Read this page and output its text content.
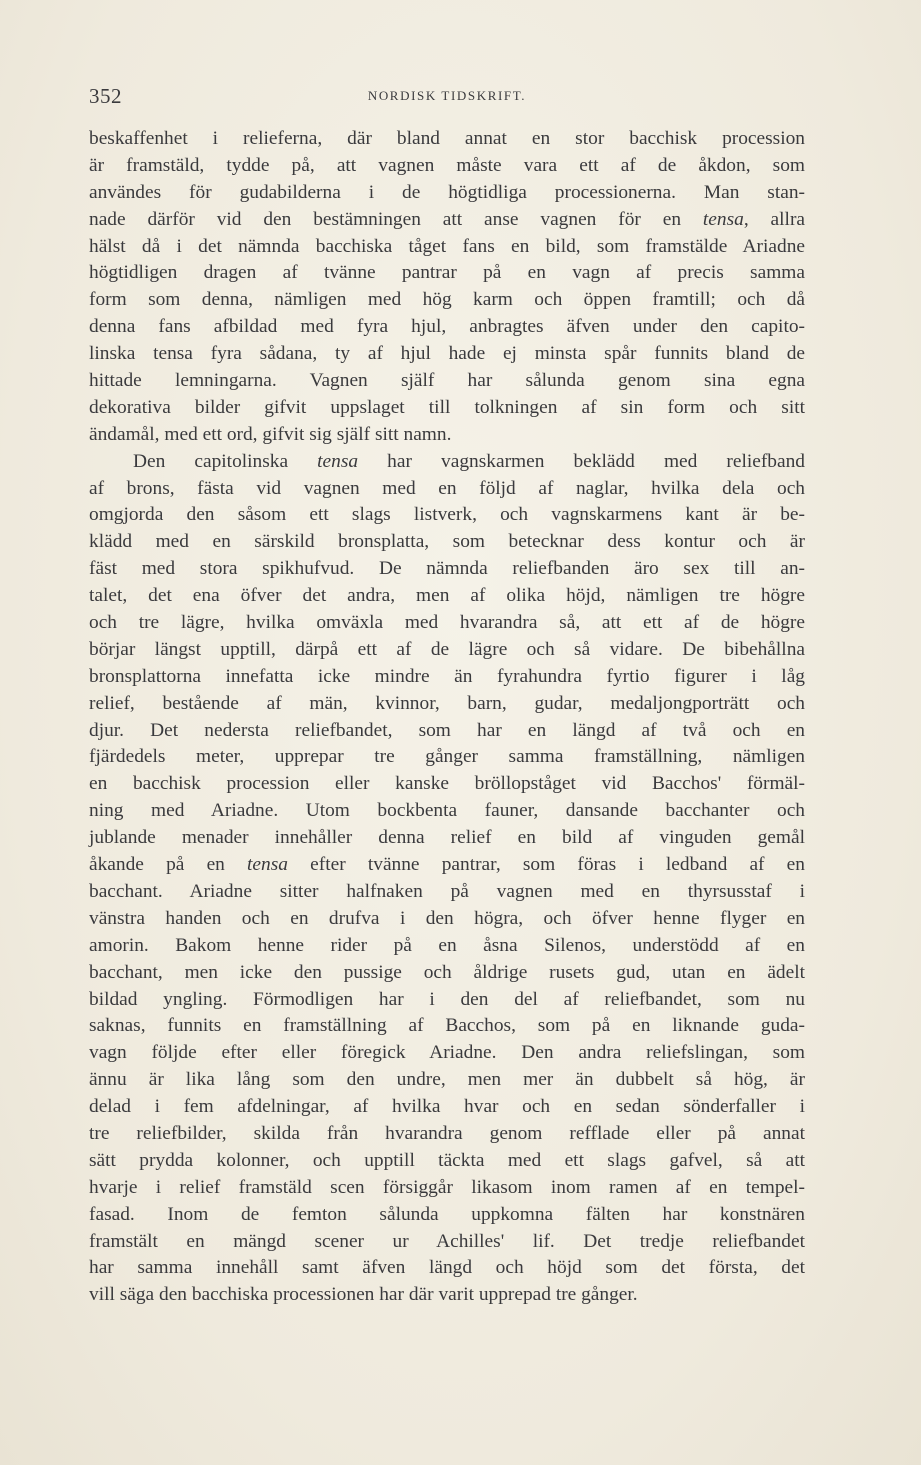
352	NORDISK TIDSKRIFT.
beskaffenhet i relieferna, där bland annat en stor bacchisk procession
är framstäld, tydde på, att vagnen måste vara ett af de åkdon, som
användes för gudabilderna i de högtidliga processionerna. Man stan-
nade därför vid den bestämningen att anse vagnen för en tensa, allra
hälst då i det nämnda bacchiska tåget fans en bild, som framstälde Ariadne
högtidligen dragen af tvänne pantrar på en vagn af precis samma
form som denna, nämligen med hög karm och öppen framtill; och då
denna fans afbildad med fyra hjul, anbragtes äfven under den capito-
linska tensa fyra sådana, ty af hjul hade ej minsta spår funnits bland de
hittade lemningarna. Vagnen själf har sålunda genom sina egna
dekorativa bilder gifvit uppslaget till tolkningen af sin form och sitt
ändamål, med ett ord, gifvit sig själf sitt namn.
Den capitolinska tensa har vagnskarmen beklädd med reliefband
af brons, fästa vid vagnen med en följd af naglar, hvilka dela och
omgjorda den såsom ett slags listverk, och vagnskarmens kant är be-
klädd med en särskild bronsplatta, som betecknar dess kontur och är
fäst med stora spikhufvud. De nämnda reliefbanden äro sex till an-
talet, det ena öfver det andra, men af olika höjd, nämligen tre högre
och tre lägre, hvilka omväxla med hvarandra så, att ett af de högre
börjar längst upptill, därpå ett af de lägre och så vidare. De bibehållna
bronsplattorna innefatta icke mindre än fyrahundra fyrtio figurer i låg
relief, bestående af män, kvinnor, barn, gudar, medaljongporträtt och
djur. Det nedersta reliefbandet, som har en längd af två och en
fjärdedels meter, upprepar tre gånger samma framställning, nämligen
en bacchisk procession eller kanske bröllopståget vid Bacchos' förmäl-
ning med Ariadne. Utom bockbenta fauner, dansande bacchanter och
jublande menader innehåller denna relief en bild af vinguden gemål
åkande på en tensa efter tvänne pantrar, som föras i ledband af en
bacchant. Ariadne sitter halfnaken på vagnen med en thyrsusstaf i
vänstra handen och en drufva i den högra, och öfver henne flyger en
amorin. Bakom henne rider på en åsna Silenos, understödd af en
bacchant, men icke den pussige och åldrige rusets gud, utan en ädelt
bildad yngling. Förmodligen har i den del af reliefbandet, som nu
saknas, funnits en framställning af Bacchos, som på en liknande guda-
vagn följde efter eller föregick Ariadne. Den andra reliefslingan, som
ännu är lika lång som den undre, men mer än dubbelt så hög, är
delad i fem afdelningar, af hvilka hvar och en sedan sönderfaller i
tre reliefbilder, skilda från hvarandra genom refflade eller på annat
sätt prydda kolonner, och upptill täckta med ett slags gafvel, så att
hvarje i relief framstäld scen försiggår likasom inom ramen af en tempel-
fasad. Inom de femton sålunda uppkomna fälten har konstnären
framstält en mängd scener ur Achilles' lif. Det tredje reliefbandet
har samma innehåll samt äfven längd och höjd som det första, det
vill säga den bacchiska processionen har där varit upprepad tre gånger.
